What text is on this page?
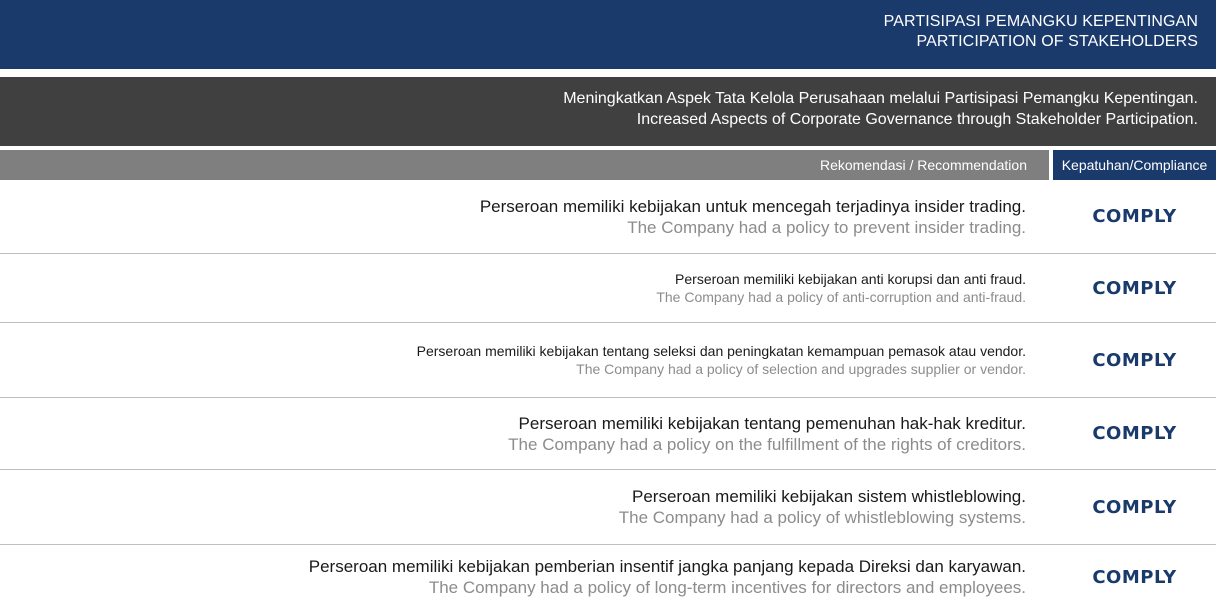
PARTISIPASI PEMANGKU KEPENTINGAN
PARTICIPATION OF STAKEHOLDERS
Meningkatkan Aspek Tata Kelola Perusahaan melalui Partisipasi Pemangku Kepentingan.
Increased Aspects of Corporate Governance through Stakeholder Participation.
Rekomendasi / Recommendation	Kepatuhan/Compliance
Perseroan memiliki kebijakan untuk mencegah terjadinya insider trading.
The Company had a policy to prevent insider trading.	COMPLY
Perseroan memiliki kebijakan anti korupsi dan anti fraud.
The Company had a policy of anti-corruption and anti-fraud.	COMPLY
Perseroan memiliki kebijakan tentang seleksi dan peningkatan kemampuan pemasok atau vendor.
The Company had a policy of selection and upgrades supplier or vendor.	COMPLY
Perseroan memiliki kebijakan tentang pemenuhan hak-hak kreditur.
The Company had a policy on the fulfillment of the rights of creditors.	COMPLY
Perseroan memiliki kebijakan sistem whistleblowing.
The Company had a policy of whistleblowing systems.	COMPLY
Perseroan memiliki kebijakan pemberian insentif jangka panjang kepada Direksi dan karyawan.
The Company had a policy of long-term incentives for directors and employees.	COMPLY
